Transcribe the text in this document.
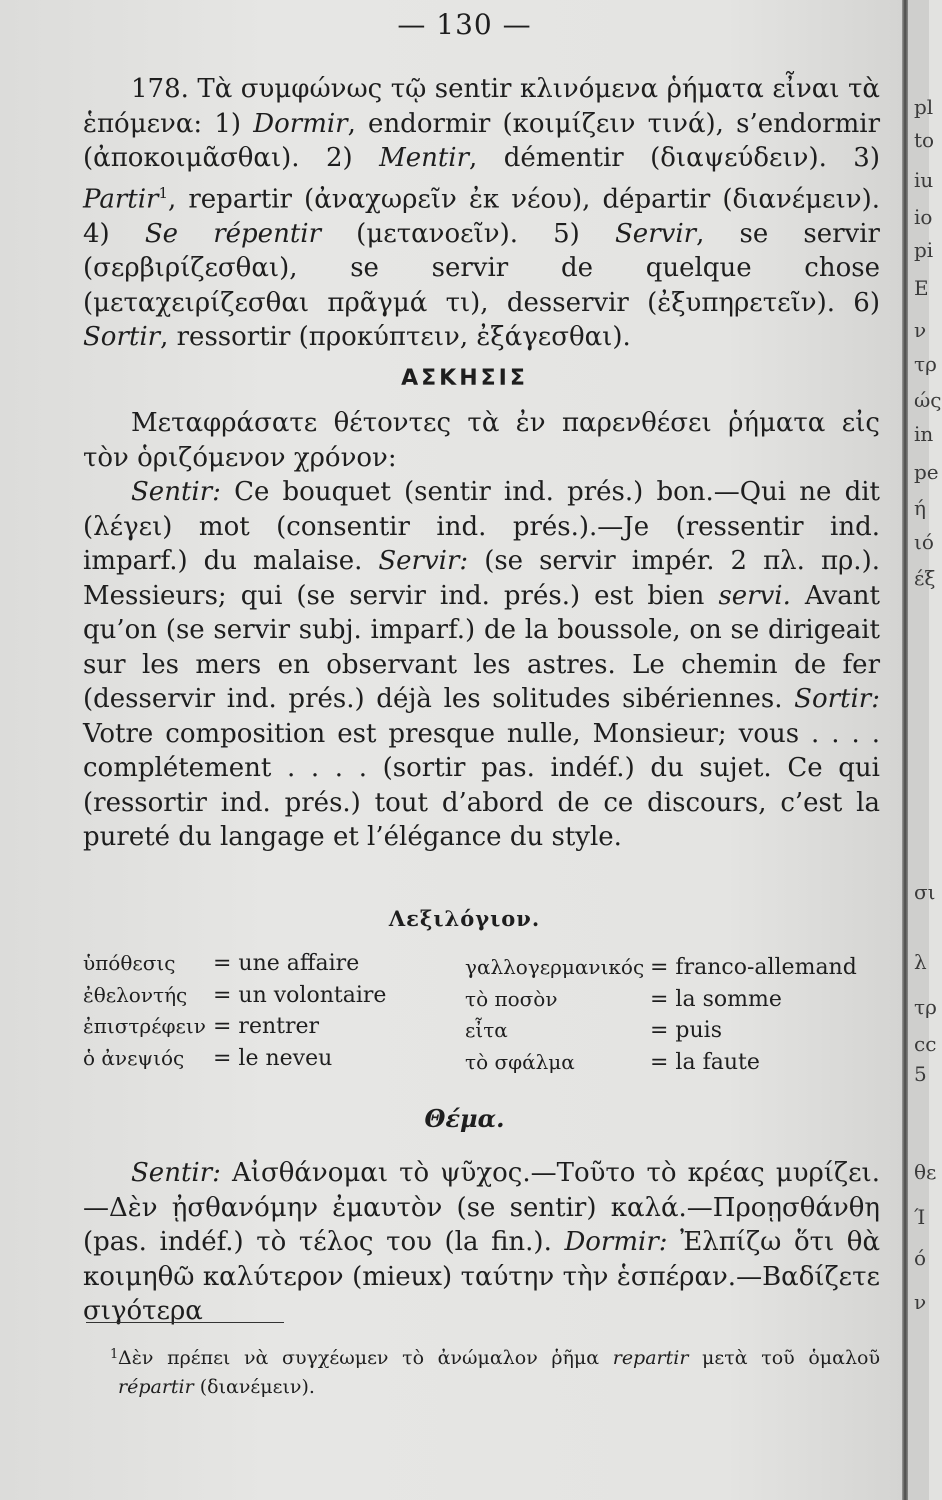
pl
to
iu
io
pi
E
ν
τρ
ώς
in
pe
ή
ιό
έξ
σι
λ
τρ
cc
5
θε
Ί
ό
ν
— 130 —

178. Τὰ συμφώνως τῷ sentir κλινόμενα ῥήματα εἶναι τὰ ἑπόμενα: 1) Dormir, endormir (κοιμίζειν τινά), s’endormir (ἀποκοιμᾶσθαι). 2) Mentir, démentir (διαψεύδειν). 3) Partir$^1$, repartir (ἀναχωρεῖν ἐκ νέου), départir (διανέμειν). 4) Se répentir (μετανοεῖν). 5) Servir, se servir (σερβιρίζεσθαι), se servir de quelque chose (μεταχειρίζεσθαι πρᾶγμά τι), desservir (ἐξυπηρετεῖν). 6) Sortir, ressortir (προκύπτειν, ἐξάγεσθαι).

ΑΣΚΗΣΙΣ

Μεταφράσατε θέτοντες τὰ ἐν παρενθέσει ῥήματα εἰς τὸν ὁριζόμενον χρόνον:

Sentir: Ce bouquet (sentir ind. prés.) bon.—Qui ne dit (λέγει) mot (consentir ind. prés.).—Je (ressentir ind. imparf.) du malaise. Servir: (se servir impér. 2 πλ. πρ.). Messieurs; qui (se servir ind. prés.) est bien servi. Avant qu’on (se servir subj. imparf.) de la boussole, on se dirigeait sur les mers en observant les astres. Le chemin de fer (desservir ind. prés.) déjà les solitudes sibériennes. Sortir: Votre composition est presque nulle, Monsieur; vous . . . . complétement . . . . (sortir pas. indéf.) du sujet. Ce qui (ressortir ind. prés.) tout d’abord de ce discours, c’est la pureté du langage et l’élégance du style.

Λεξιλόγιον.
ὑπόθεσις = une affaire
ἐθελοντής = un volontaire
ἐπιστρέφειν = rentrer
ὁ ἀνεψιός = le neveu
γαλλογερμανικός = franco-allemand
τὸ ποσὸν	= la somme
εἶτα	= puis
τὸ σφάλμα	= la faute
Θέμα.

Sentir: Αἰσθάνομαι τὸ ψῦχος.—Τοῦτο τὸ κρέας μυρίζει.—Δὲν ᾐσθανόμην ἐμαυτὸν (se sentir) καλά.—Προῃσθάνθη (pas. indéf.) τὸ τέλος του (la fin.). Dormir: Ἐλπίζω ὅτι θὰ κοιμηθῶ καλύτερον (mieux) ταύτην τὴν ἑσπέραν.—Βαδίζετε σιγότερα

1 Δὲν πρέπει νὰ συγχέωμεν τὸ ἀνώμαλον ῥῆμα repartir μετὰ τοῦ ὁμαλοῦ répartir (διανέμειν).
